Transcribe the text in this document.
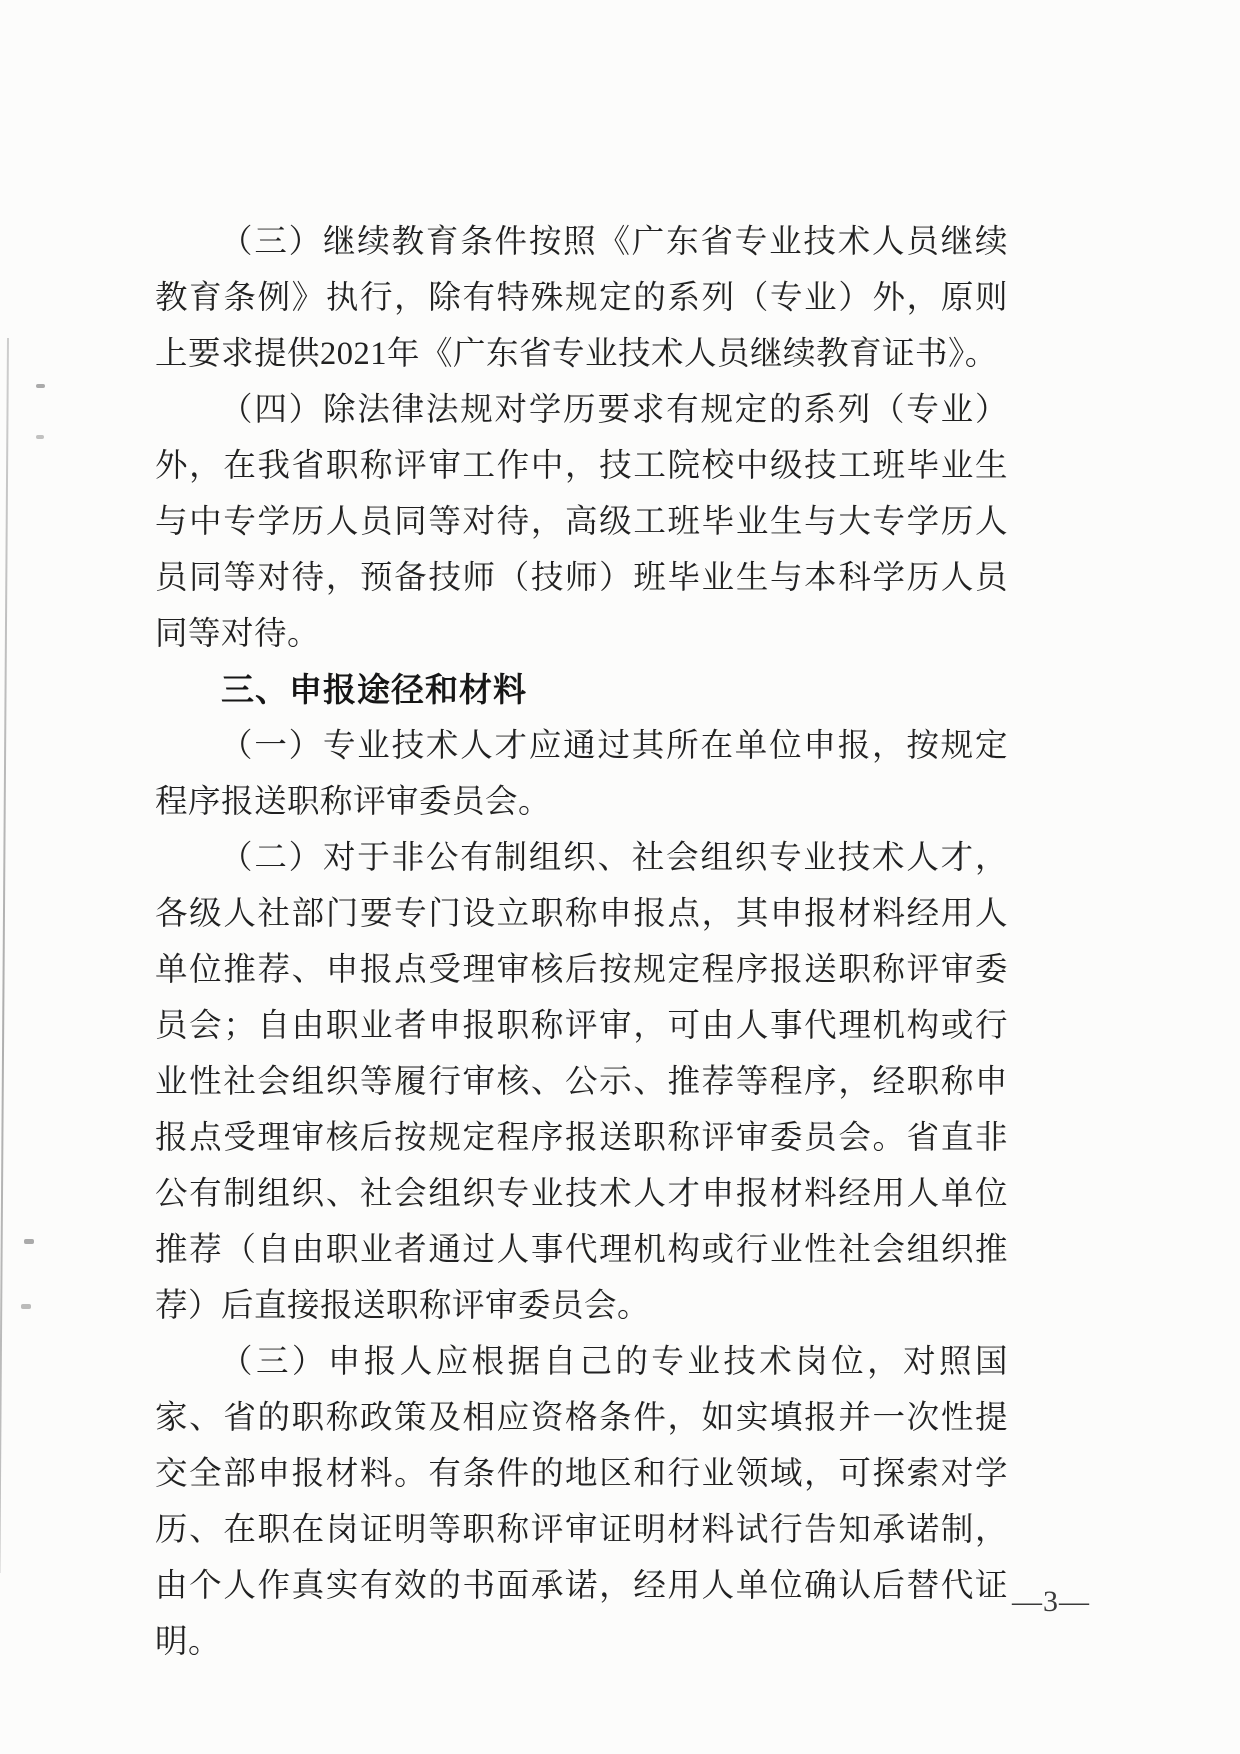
（三）继续教育条件按照《广东省专业技术人员继续教育条例》执行，除有特殊规定的系列（专业）外，原则上要求提供2021年《广东省专业技术人员继续教育证书》。

（四）除法律法规对学历要求有规定的系列（专业）外，在我省职称评审工作中，技工院校中级技工班毕业生与中专学历人员同等对待，高级工班毕业生与大专学历人员同等对待，预备技师（技师）班毕业生与本科学历人员同等对待。

三、申报途径和材料

（一）专业技术人才应通过其所在单位申报，按规定程序报送职称评审委员会。

（二）对于非公有制组织、社会组织专业技术人才，各级人社部门要专门设立职称申报点，其申报材料经用人单位推荐、申报点受理审核后按规定程序报送职称评审委员会；自由职业者申报职称评审，可由人事代理机构或行业性社会组织等履行审核、公示、推荐等程序，经职称申报点受理审核后按规定程序报送职称评审委员会。省直非公有制组织、社会组织专业技术人才申报材料经用人单位推荐（自由职业者通过人事代理机构或行业性社会组织推荐）后直接报送职称评审委员会。

（三）申报人应根据自己的专业技术岗位，对照国家、省的职称政策及相应资格条件，如实填报并一次性提交全部申报材料。有条件的地区和行业领域，可探索对学历、在职在岗证明等职称评审证明材料试行告知承诺制，由个人作真实有效的书面承诺，经用人单位确认后替代证明。

—3—
